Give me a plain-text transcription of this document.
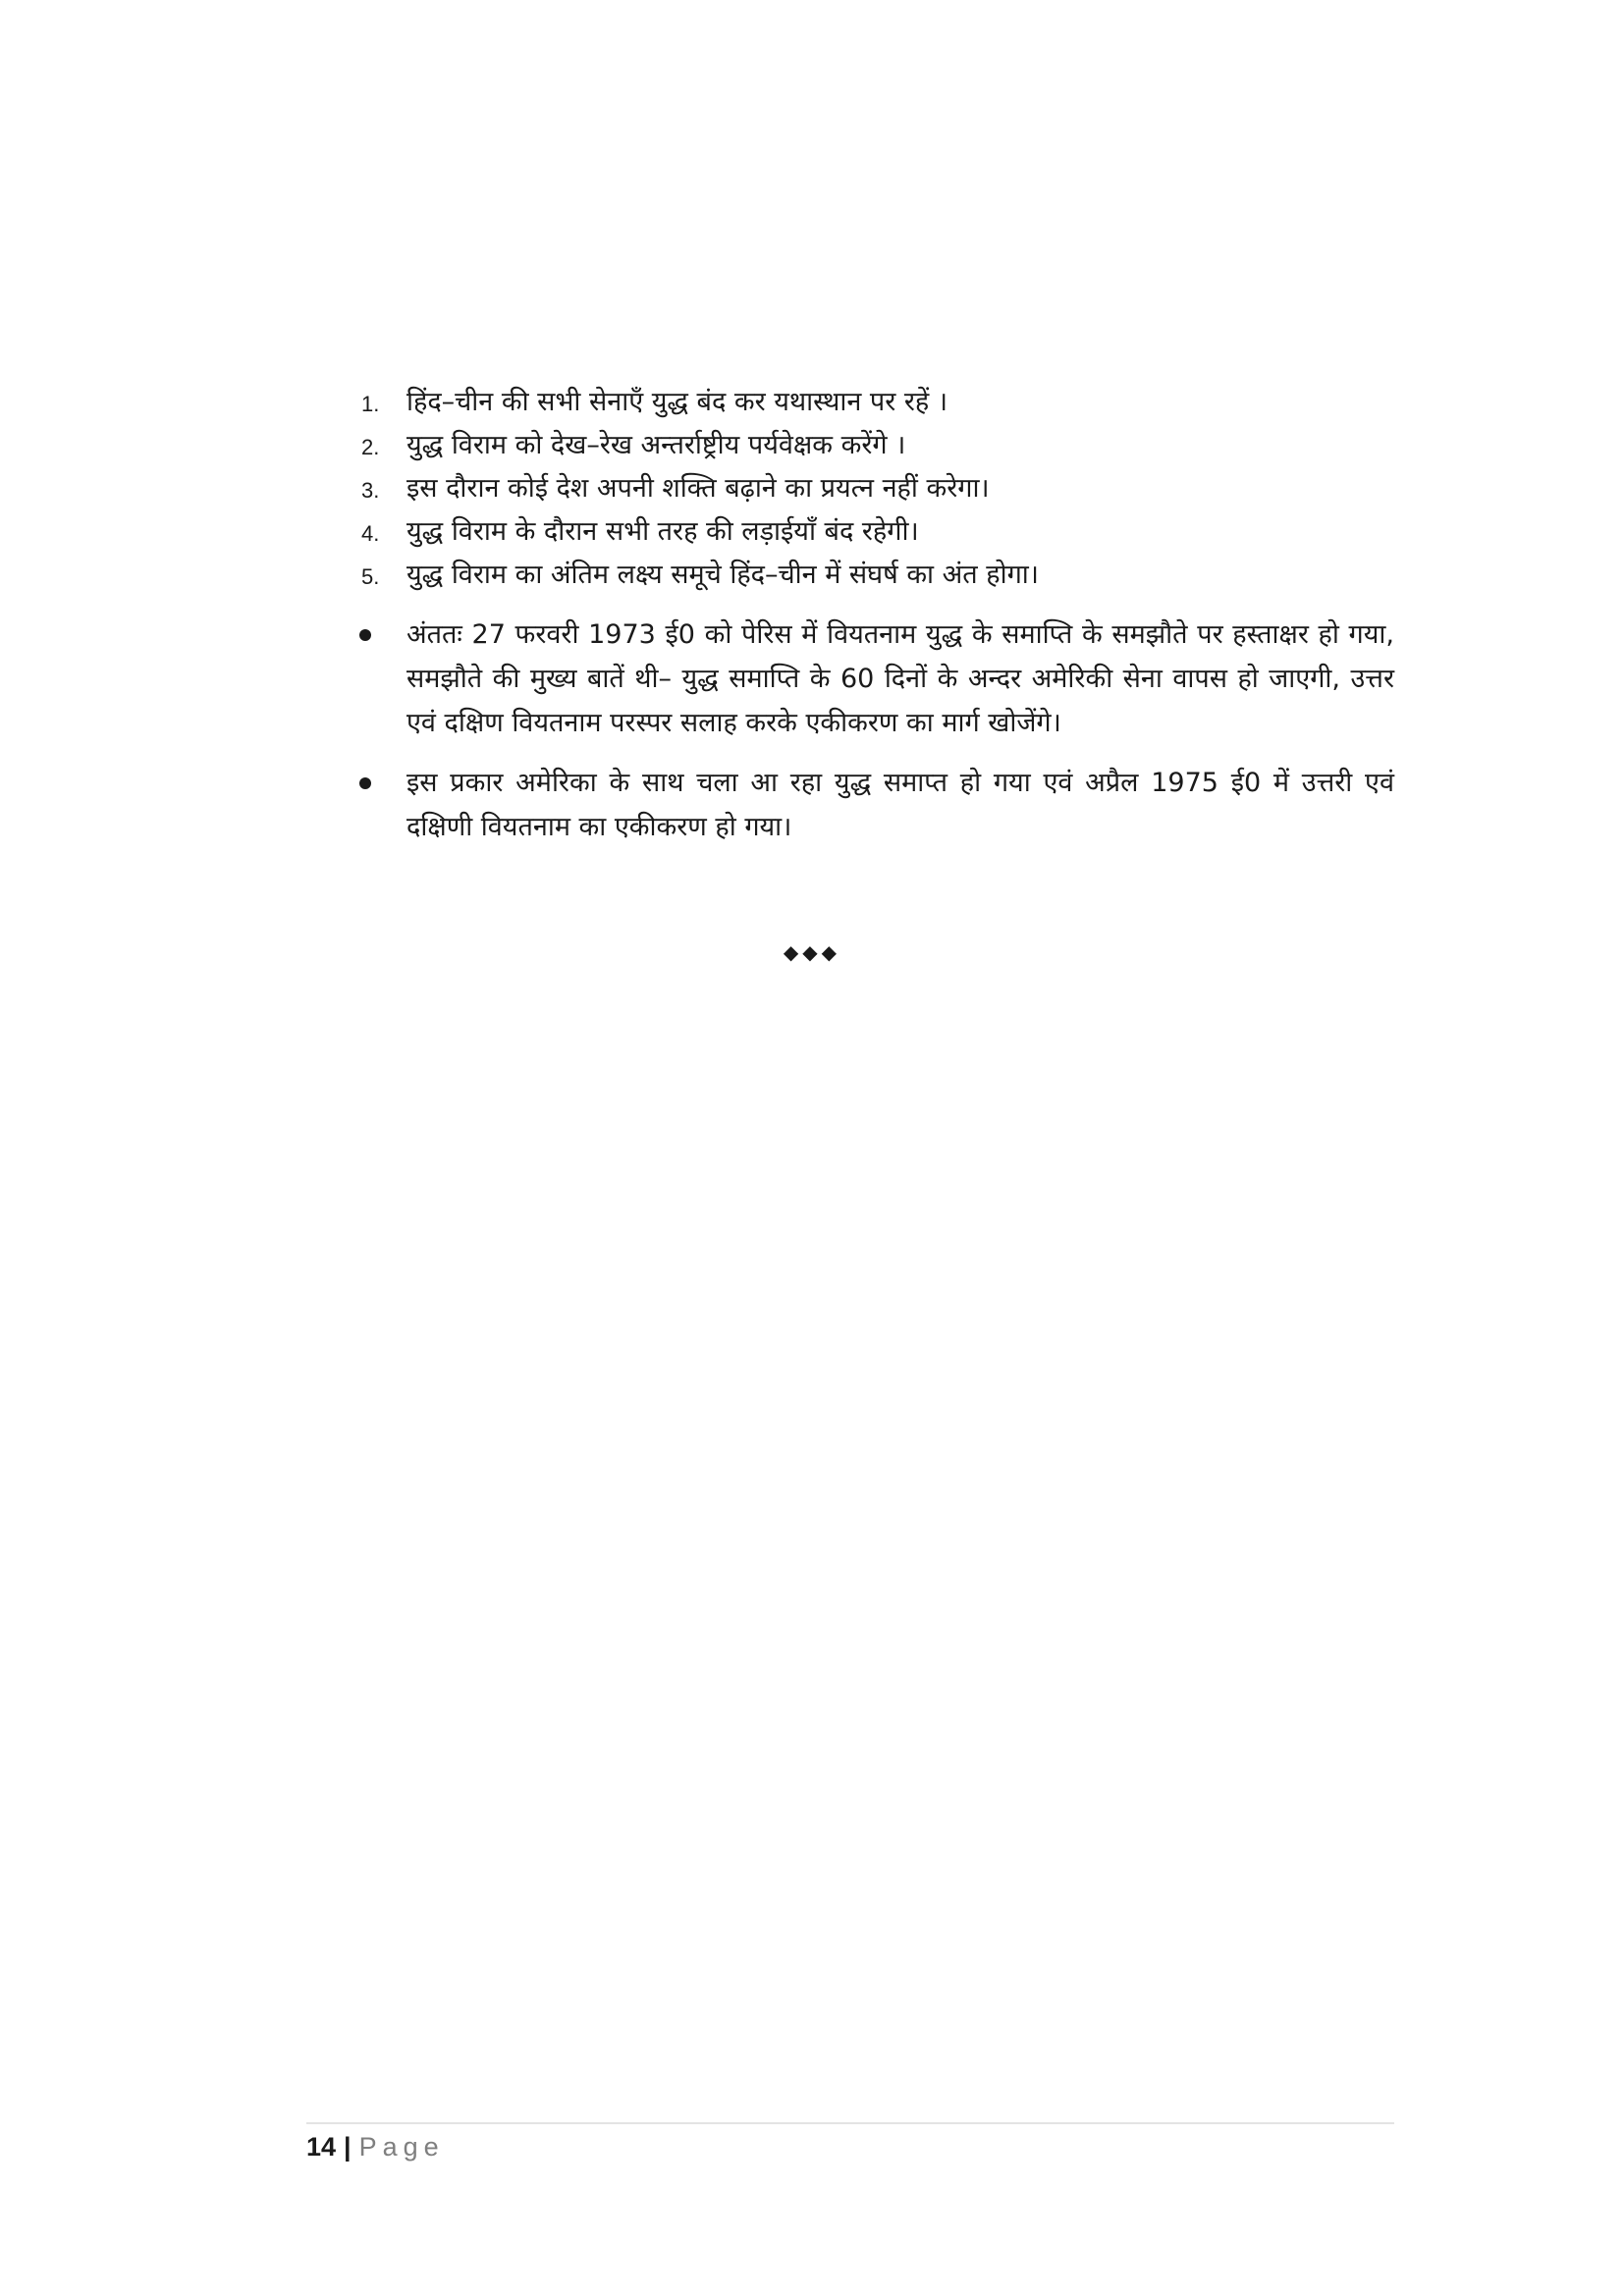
1. हिंद–चीन की सभी सेनाएँ युद्ध बंद कर यथास्थान पर रहें ।
2. युद्ध विराम को देख–रेख अन्तर्राष्ट्रीय पर्यवेक्षक करेंगे ।
3. इस दौरान कोई देश अपनी शक्ति बढ़ाने का प्रयत्न नहीं करेगा।
4. युद्ध विराम के दौरान सभी तरह की लड़ाईयाँ बंद रहेगी।
5. युद्ध विराम का अंतिम लक्ष्य समूचे हिंद–चीन में संघर्ष का अंत होगा।
अंततः 27 फरवरी 1973 ई0 को पेरिस में वियतनाम युद्ध के समाप्ति के समझौते पर हस्ताक्षर हो गया, समझौते की मुख्य बातें थी– युद्ध समाप्ति के 60 दिनों के अन्दर अमेरिकी सेना वापस हो जाएगी, उत्तर एवं दक्षिण वियतनाम परस्पर सलाह करके एकीकरण का मार्ग खोजेंगे।
इस प्रकार अमेरिका के साथ चला आ रहा युद्ध समाप्त हो गया एवं अप्रैल 1975 ई0 में उत्तरी एवं दक्षिणी वियतनाम का एकीकरण हो गया।
◆◆◆
14 | Page
